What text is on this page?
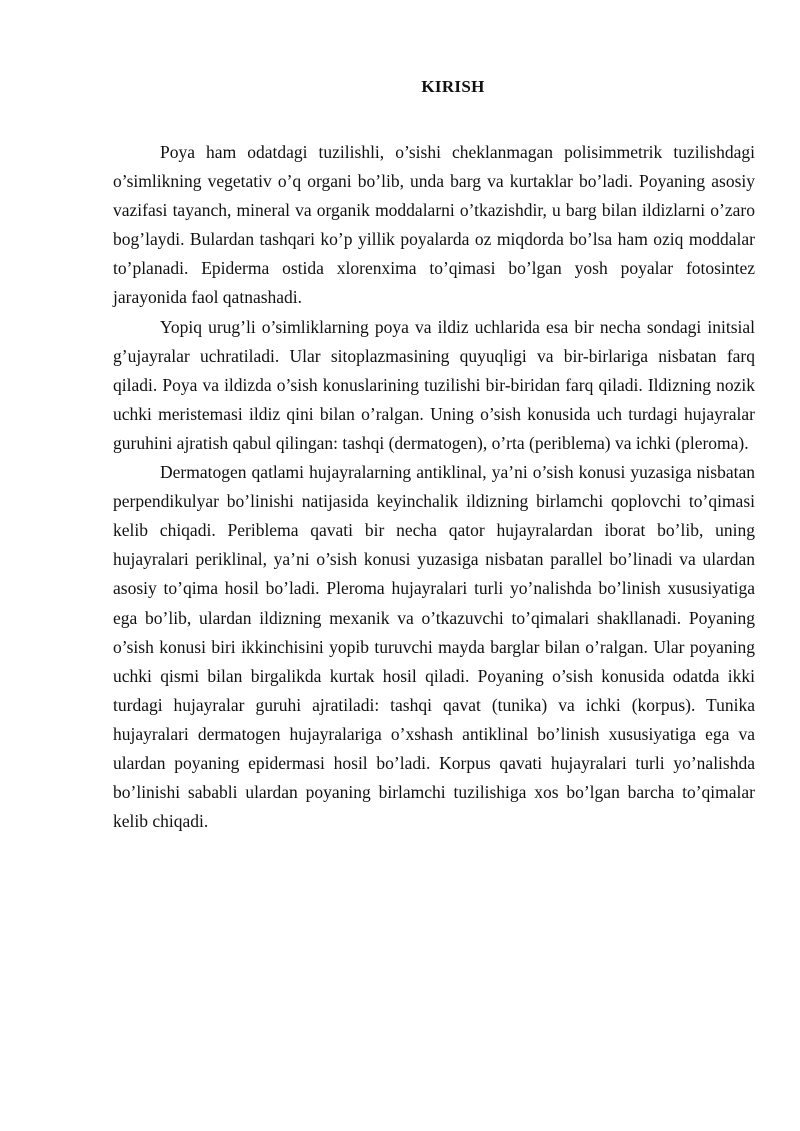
KIRISH

Poya ham odatdagi tuzilishli, o’sishi cheklanmagan polisimmetrik tuzilishdagi o’simlikning vegetativ o’q organi bo’lib, unda barg va kurtaklar bo’ladi. Poyaning asosiy vazifasi tayanch, mineral va organik moddalarni o’tkazishdir, u barg bilan ildizlarni o’zaro bog’laydi. Bulardan tashqari ko’p yillik poyalarda oz miqdorda bo’lsa ham oziq moddalar to’planadi. Epiderma ostida xlorenxima to’qimasi bo’lgan yosh poyalar fotosintez jarayonida faol qatnashadi.

Yopiq urug’li o’simliklarning poya va ildiz uchlarida esa bir necha sondagi initsial g’ujayralar uchratiladi. Ular sitoplazmasining quyuqligi va bir-birlariga nisbatan farq qiladi. Poya va ildizda o’sish konuslarining tuzilishi bir-biridan farq qiladi. Ildizning nozik uchki meristemasi ildiz qini bilan o’ralgan. Uning o’sish konusida uch turdagi hujayralar guruhini ajratish qabul qilingan: tashqi (dermatogen), o’rta (periblema) va ichki (pleroma).

Dermatogen qatlami hujayralarning antiklinal, ya’ni o’sish konusi yuzasiga nisbatan perpendikulyar bo’linishi natijasida keyinchalik ildizning birlamchi qoplovchi to’qimasi kelib chiqadi. Periblema qavati bir necha qator hujayralardan iborat bo’lib, uning hujayralari periklinal, ya’ni o’sish konusi yuzasiga nisbatan parallel bo’linadi va ulardan asosiy to’qima hosil bo’ladi. Pleroma hujayralari turli yo’nalishda bo’linish xususiyatiga ega bo’lib, ulardan ildizning mexanik va o’tkazuvchi to’qimalari shakllanadi. Poyaning o’sish konusi biri ikkinchisini yopib turuvchi mayda barglar bilan o’ralgan. Ular poyaning uchki qismi bilan birgalikda kurtak hosil qiladi. Poyaning o’sish konusida odatda ikki turdagi hujayralar guruhi ajratiladi: tashqi qavat (tunika) va ichki (korpus). Tunika hujayralari dermatogen hujayralariga o’xshash antiklinal bo’linish xususiyatiga ega va ulardan poyaning epidermasi hosil bo’ladi. Korpus qavati hujayralari turli yo’nalishda bo’linishi sababli ulardan poyaning birlamchi tuzilishiga xos bo’lgan barcha to’qimalar kelib chiqadi.
